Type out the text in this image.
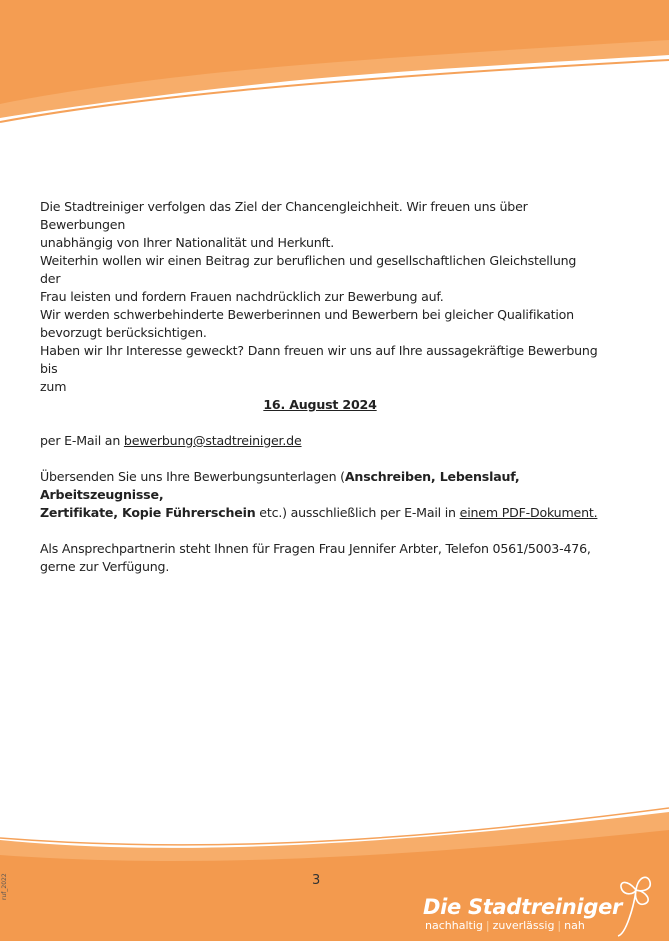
Die Stadtreiniger verfolgen das Ziel der Chancengleichheit. Wir freuen uns über Bewerbungen
unabhängig von Ihrer Nationalität und Herkunft.

Weiterhin wollen wir einen Beitrag zur beruflichen und gesellschaftlichen Gleichstellung der
Frau leisten und fordern Frauen nachdrücklich zur Bewerbung auf.

Wir werden schwerbehinderte Bewerberinnen und Bewerbern bei gleicher Qualifikation
bevorzugt berücksichtigen.

Haben wir Ihr Interesse geweckt? Dann freuen wir uns auf Ihre aussagekräftige Bewerbung bis
zum

16. August 2024

per E-Mail an bewerbung@stadtreiniger.de

Übersenden Sie uns Ihre Bewerbungsunterlagen (Anschreiben, Lebenslauf, Arbeitszeugnisse,
Zertifikate, Kopie Führerschein etc.) ausschließlich per E-Mail in einem PDF-Dokument.

Als Ansprechpartnerin steht Ihnen für Fragen Frau Jennifer Arbter, Telefon 0561/5003-476,
gerne zur Verfügung.

3
Die Stadtreiniger
nachhaltig | zuverlässig | nah
ruf_2022
